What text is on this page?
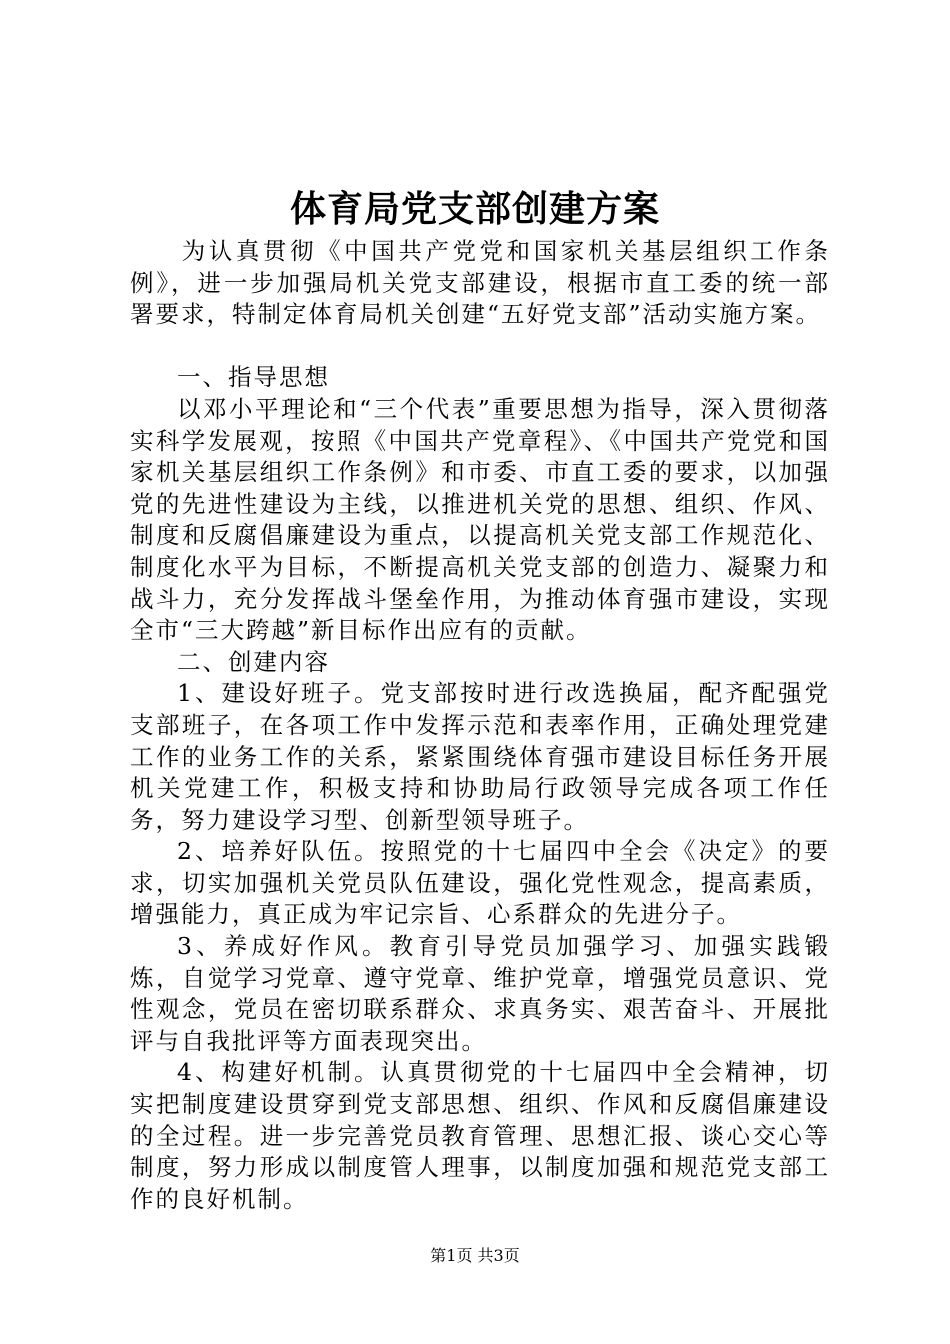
体育局党支部创建方案

为认真贯彻《中国共产党党和国家机关基层组织工作条例》，进一步加强局机关党支部建设，根据市直工委的统一部署要求，特制定体育局机关创建“五好党支部”活动实施方案。

一、指导思想

以邓小平理论和“三个代表”重要思想为指导，深入贯彻落实科学发展观，按照《中国共产党章程》、《中国共产党党和国家机关基层组织工作条例》和市委、市直工委的要求，以加强党的先进性建设为主线，以推进机关党的思想、组织、作风、制度和反腐倡廉建设为重点，以提高机关党支部工作规范化、制度化水平为目标，不断提高机关党支部的创造力、凝聚力和战斗力，充分发挥战斗堡垒作用，为推动体育强市建设，实现全市“三大跨越”新目标作出应有的贡献。

二、创建内容

1、建设好班子。党支部按时进行改选换届，配齐配强党支部班子，在各项工作中发挥示范和表率作用，正确处理党建工作的业务工作的关系，紧紧围绕体育强市建设目标任务开展机关党建工作，积极支持和协助局行政领导完成各项工作任务，努力建设学习型、创新型领导班子。

2、培养好队伍。按照党的十七届四中全会《决定》的要求，切实加强机关党员队伍建设，强化党性观念，提高素质，增强能力，真正成为牢记宗旨、心系群众的先进分子。

3、养成好作风。教育引导党员加强学习、加强实践锻炼，自觉学习党章、遵守党章、维护党章，增强党员意识、党性观念，党员在密切联系群众、求真务实、艰苦奋斗、开展批评与自我批评等方面表现突出。

4、构建好机制。认真贯彻党的十七届四中全会精神，切实把制度建设贯穿到党支部思想、组织、作风和反腐倡廉建设的全过程。进一步完善党员教育管理、思想汇报、谈心交心等制度，努力形成以制度管人理事，以制度加强和规范党支部工作的良好机制。

第1页 共3页
